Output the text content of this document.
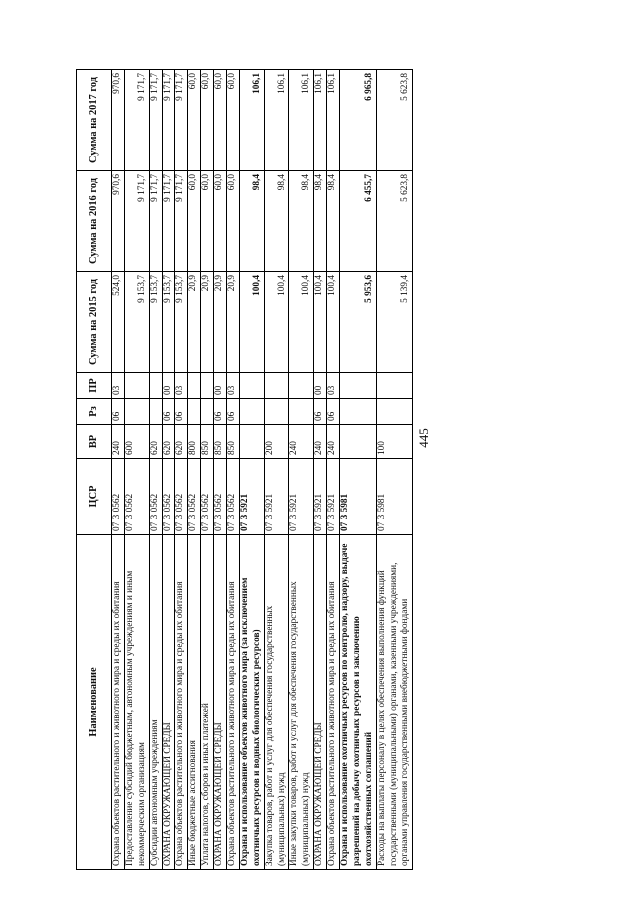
445
Наименование	ЦСР	ВР	Рз	ПР	Сумма на 2015 год	Сумма на 2016 год	Сумма на 2017 год
Охрана объектов растительного и животного мира и среды их обитания	07 3 0562	240	06	03	524,0	970,6	970,6
Предоставление субсидий бюджетным, автономным учреждениям и иным некоммерческим организациям	07 3 0562	600			9 153,7	9 171,7	9 171,7
Субсидии автономным учреждениям	07 3 0562	620			9 153,7	9 171,7	9 171,7
ОХРАНА ОКРУЖАЮЩЕЙ СРЕДЫ	07 3 0562	620	06	00	9 153,7	9 171,7	9 171,7
Охрана объектов растительного и животного мира и среды их обитания	07 3 0562	620	06	03	9 153,7	9 171,7	9 171,7
Иные бюджетные ассигнования	07 3 0562	800			20,9	60,0	60,0
Уплата налогов, сборов и иных платежей	07 3 0562	850			20,9	60,0	60,0
ОХРАНА ОКРУЖАЮЩЕЙ СРЕДЫ	07 3 0562	850	06	00	20,9	60,0	60,0
Охрана объектов растительного и животного мира и среды их обитания	07 3 0562	850	06	03	20,9	60,0	60,0
Охрана и использование объектов животного мира (за исключением охотничьих ресурсов и водных биологических ресурсов)	07 3 5921				100,4	98,4	106,1
Закупка товаров, работ и услуг для обеспечения государственных (муниципальных) нужд	07 3 5921	200			100,4	98,4	106,1
Иные закупки товаров, работ и услуг для обеспечения государственных (муниципальных) нужд	07 3 5921	240			100,4	98,4	106,1
ОХРАНА ОКРУЖАЮЩЕЙ СРЕДЫ	07 3 5921	240	06	00	100,4	98,4	106,1
Охрана объектов растительного и животного мира и среды их обитания	07 3 5921	240	06	03	100,4	98,4	106,1
Охрана и использование охотничьих ресурсов по контролю, надзору, выдаче разрешений на добычу охотничьих ресурсов и заключению охотхозяйственных соглашений	07 3 5981				5 953,6	6 455,7	6 965,8
Расходы на выплаты персоналу в целях обеспечения выполнения функций государственными (муниципальными) органами, казенными учреждениями, органами управления государственными внебюджетными фондами	07 3 5981	100			5 139,4	5 623,8	5 623,8
